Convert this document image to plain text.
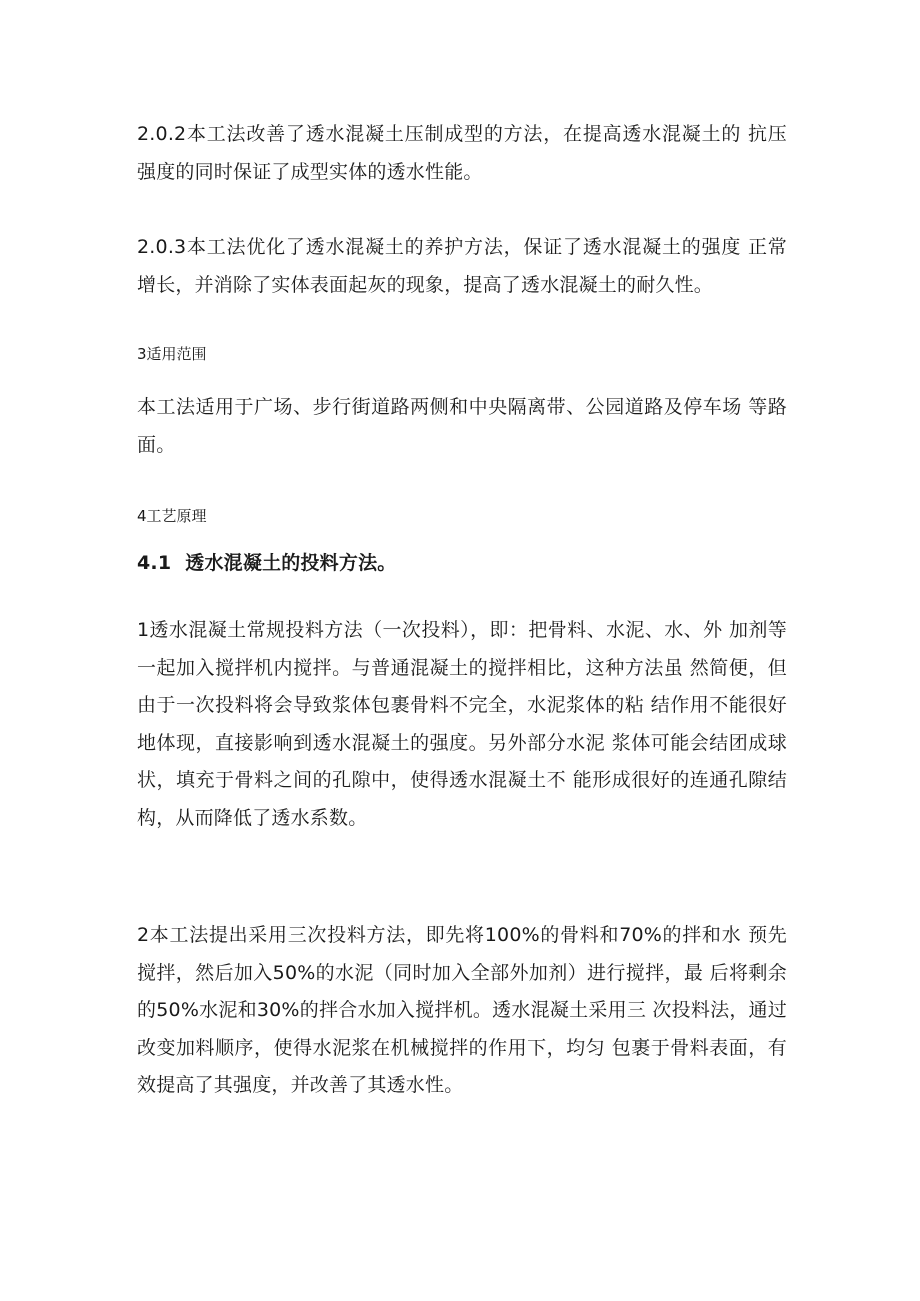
2.0.2本工法改善了透水混凝土压制成型的方法，在提高透水混凝土的 抗压强度的同时保证了成型实体的透水性能。

2.0.3本工法优化了透水混凝土的养护方法，保证了透水混凝土的强度 正常增长，并消除了实体表面起灰的现象，提高了透水混凝土的耐久性。

3适用范围

本工法适用于广场、步行街道路两侧和中央隔离带、公园道路及停车场 等路面。

4工艺原理
4.1 透水混凝土的投料方法。

1透水混凝土常规投料方法（一次投料），即：把骨料、水泥、水、外 加剂等一起加入搅拌机内搅拌。与普通混凝土的搅拌相比，这种方法虽 然简便，但由于一次投料将会导致浆体包裹骨料不完全，水泥浆体的粘 结作用不能很好地体现，直接影响到透水混凝土的强度。另外部分水泥 浆体可能会结团成球状，填充于骨料之间的孔隙中，使得透水混凝土不 能形成很好的连通孔隙结构，从而降低了透水系数。

2本工法提出采用三次投料方法，即先将100%的骨料和70%的拌和水 预先搅拌，然后加入50%的水泥（同时加入全部外加剂）进行搅拌，最 后将剩余的50%水泥和30%的拌合水加入搅拌机。透水混凝土采用三 次投料法，通过改变加料顺序，使得水泥浆在机械搅拌的作用下，均匀 包裹于骨料表面，有效提高了其强度，并改善了其透水性。
